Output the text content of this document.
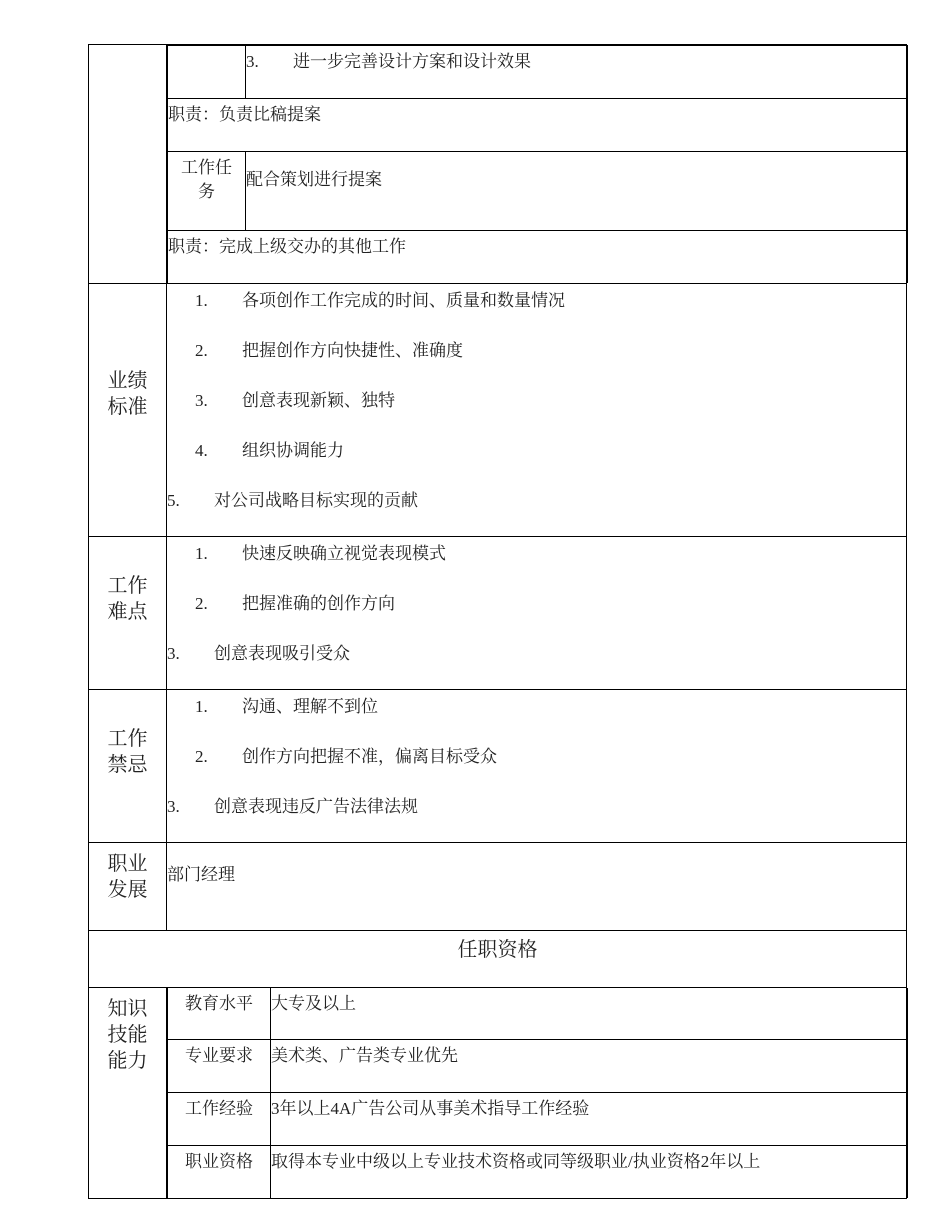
	3. 进一步完善设计方案和设计效果
职责：负责比稿提案
工作任务	配合策划进行提案
职责：完成上级交办的其他工作

业绩标准	
1. 各项创作工作完成的时间、质量和数量情况
2. 把握创作方向快捷性、准确度
3. 创意表现新颖、独特
4. 组织协调能力
5. 对公司战略目标实现的贡献

工作难点	
1. 快速反映确立视觉表现模式
2. 把握准确的创作方向
3. 创意表现吸引受众

工作禁忌	
1. 沟通、理解不到位
2. 创作方向把握不准，偏离目标受众
3. 创意表现违反广告法律法规

职业发展	部门经理
任职资格
知识技能能力	
教育水平	大专及以上
专业要求	美术类、广告类专业优先
工作经验	3年以上4A广告公司从事美术指导工作经验
职业资格	取得本专业中级以上专业技术资格或同等级职业/执业资格2年以上
